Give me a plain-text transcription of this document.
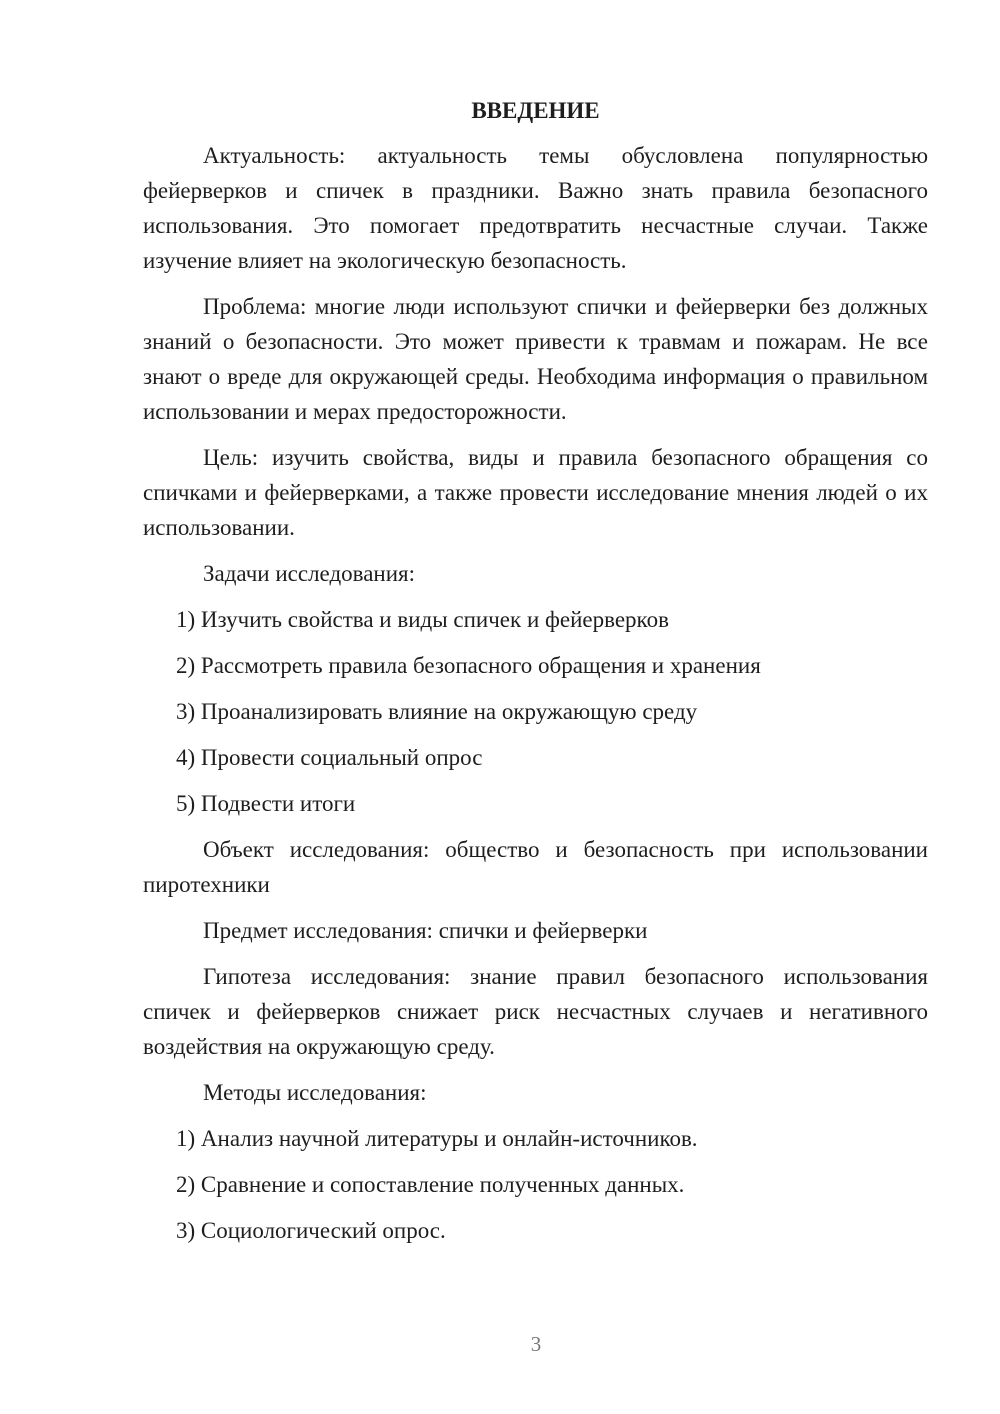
ВВЕДЕНИЕ

Актуальность: актуальность темы обусловлена популярностью фейерверков и спичек в праздники. Важно знать правила безопасного использования. Это помогает предотвратить несчастные случаи. Также изучение влияет на экологическую безопасность.

Проблема: многие люди используют спички и фейерверки без должных знаний о безопасности. Это может привести к травмам и пожарам. Не все знают о вреде для окружающей среды. Необходима информация о правильном использовании и мерах предосторожности.

Цель: изучить свойства, виды и правила безопасного обращения со спичками и фейерверками, а также провести исследование мнения людей о их использовании.

Задачи исследования:

1) Изучить свойства и виды спичек и фейерверков
2) Рассмотреть правила безопасного обращения и хранения
3) Проанализировать влияние на окружающую среду
4) Провести социальный опрос
5) Подвести итоги

Объект исследования: общество и безопасность при использовании пиротехники

Предмет исследования: спички и фейерверки

Гипотеза исследования: знание правил безопасного использования спичек и фейерверков снижает риск несчастных случаев и негативного воздействия на окружающую среду.

Методы исследования:

1) Анализ научной литературы и онлайн-источников.
2) Сравнение и сопоставление полученных данных.
3) Социологический опрос.
3
